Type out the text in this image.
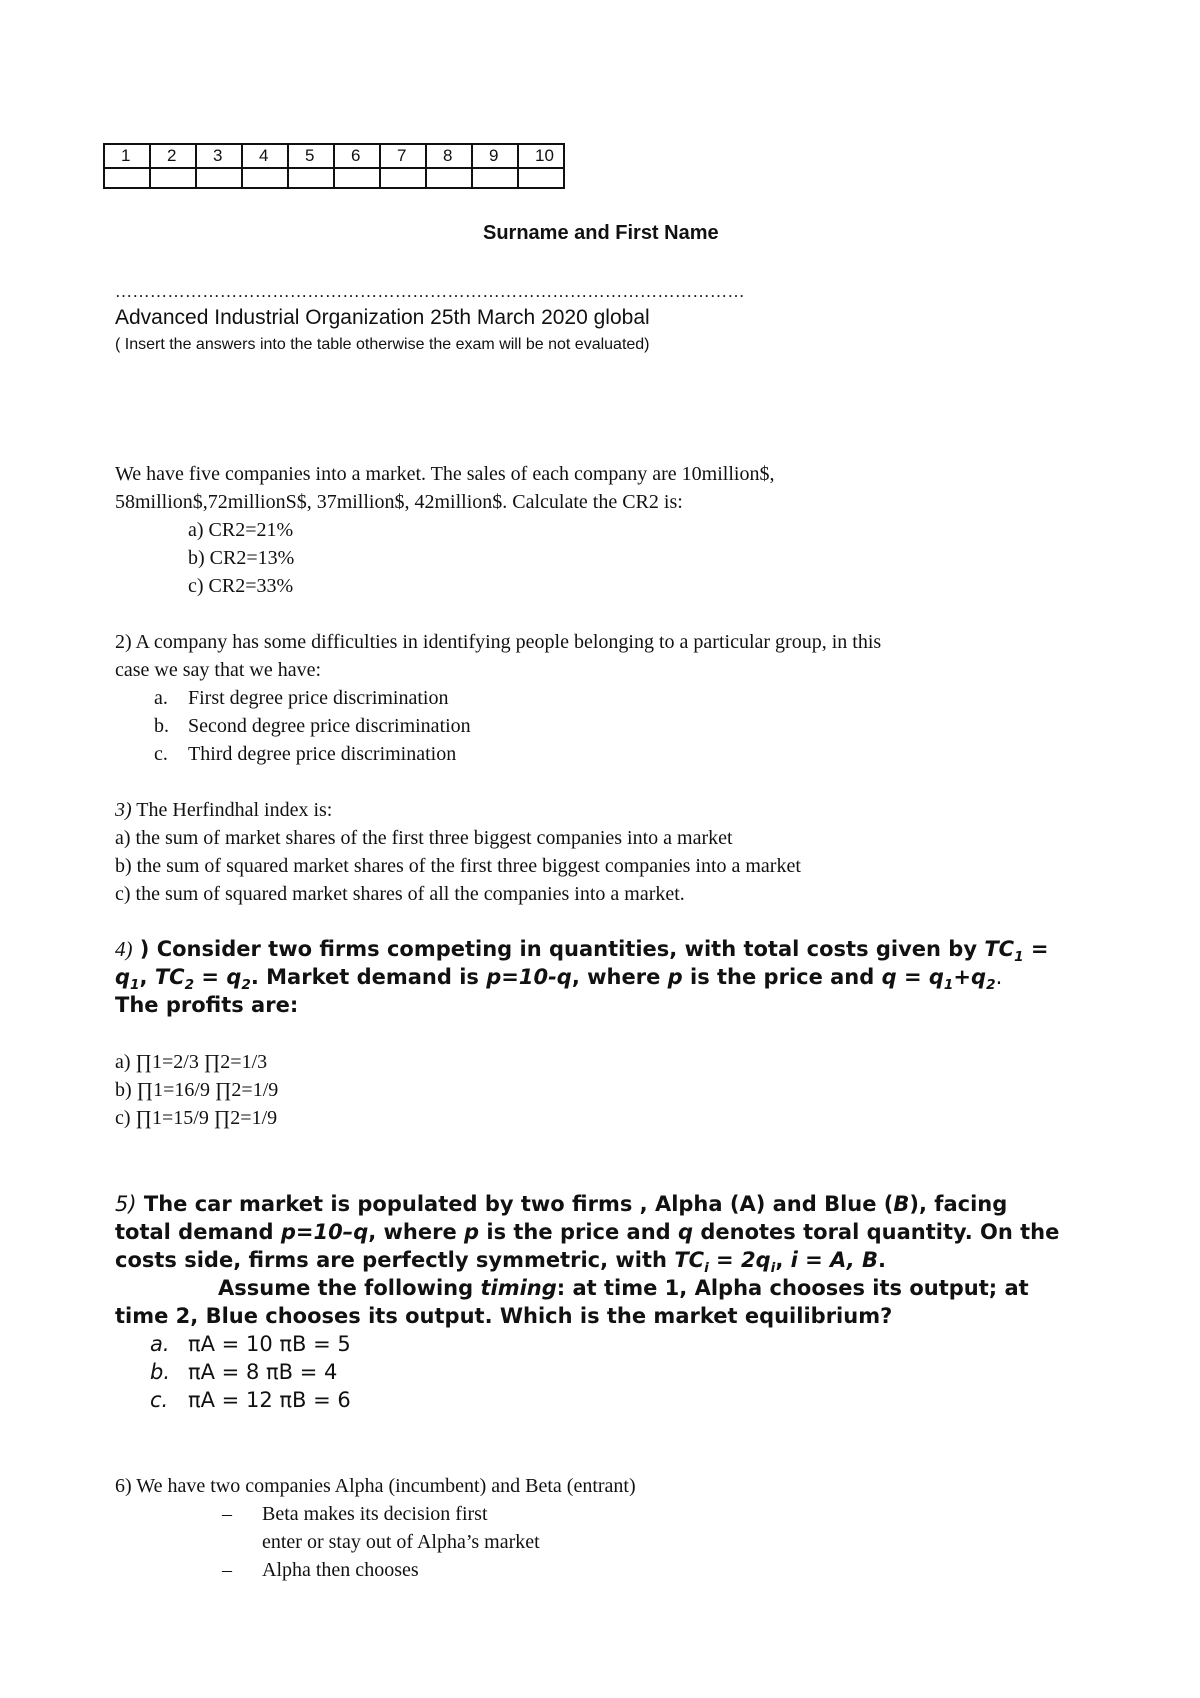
1	2	3	4	5	6	7	8	9	10

Surname and First Name
………………………………………………………………………………………………
Advanced Industrial Organization 25th March 2020 global
( Insert the answers into the table otherwise the exam will be not evaluated)
We have five companies into a market. The sales of each company are 10million$,
58million$,72millionS$, 37million$, 42million$. Calculate the CR2 is:
a) CR2=21%
b) CR2=13%
c) CR2=33%
2) A company has some difficulties in identifying people belonging to a particular group, in this
case we say that we have:
a. First degree price discrimination
b. Second degree price discrimination
c. Third degree price discrimination
3) The Herfindhal index is:
a) the sum of market shares of the first three biggest companies into a market
b) the sum of squared market shares of the first three biggest companies into a market
c) the sum of squared market shares of all the companies into a market.
4) ) Consider two firms competing in quantities, with total costs given by $TC_1$ =
$q_1$, $TC_2 = q_2$. Market demand is p=10-q, where p is the price and $q = q_1+q_2$.
The profits are:
a) ∏1=2/3 ∏2=1/3
b) ∏1=16/9 ∏2=1/9
c) ∏1=15/9 ∏2=1/9
5) The car market is populated by two firms , Alpha (A) and Blue (B), facing
total demand p=10–q, where p is the price and q denotes toral quantity. On the
costs side, firms are perfectly symmetric, with $TC_i = 2q_i$, i = A, B.
Assume the following timing: at time 1, Alpha chooses its output; at
time 2, Blue chooses its output. Which is the market equilibrium?
a. πA = 10 πB = 5
b. πA = 8 πB = 4
c. πA = 12 πB = 6
6) We have two companies Alpha (incumbent) and Beta (entrant)
– Beta makes its decision first
enter or stay out of Alpha’s market
– Alpha then chooses
